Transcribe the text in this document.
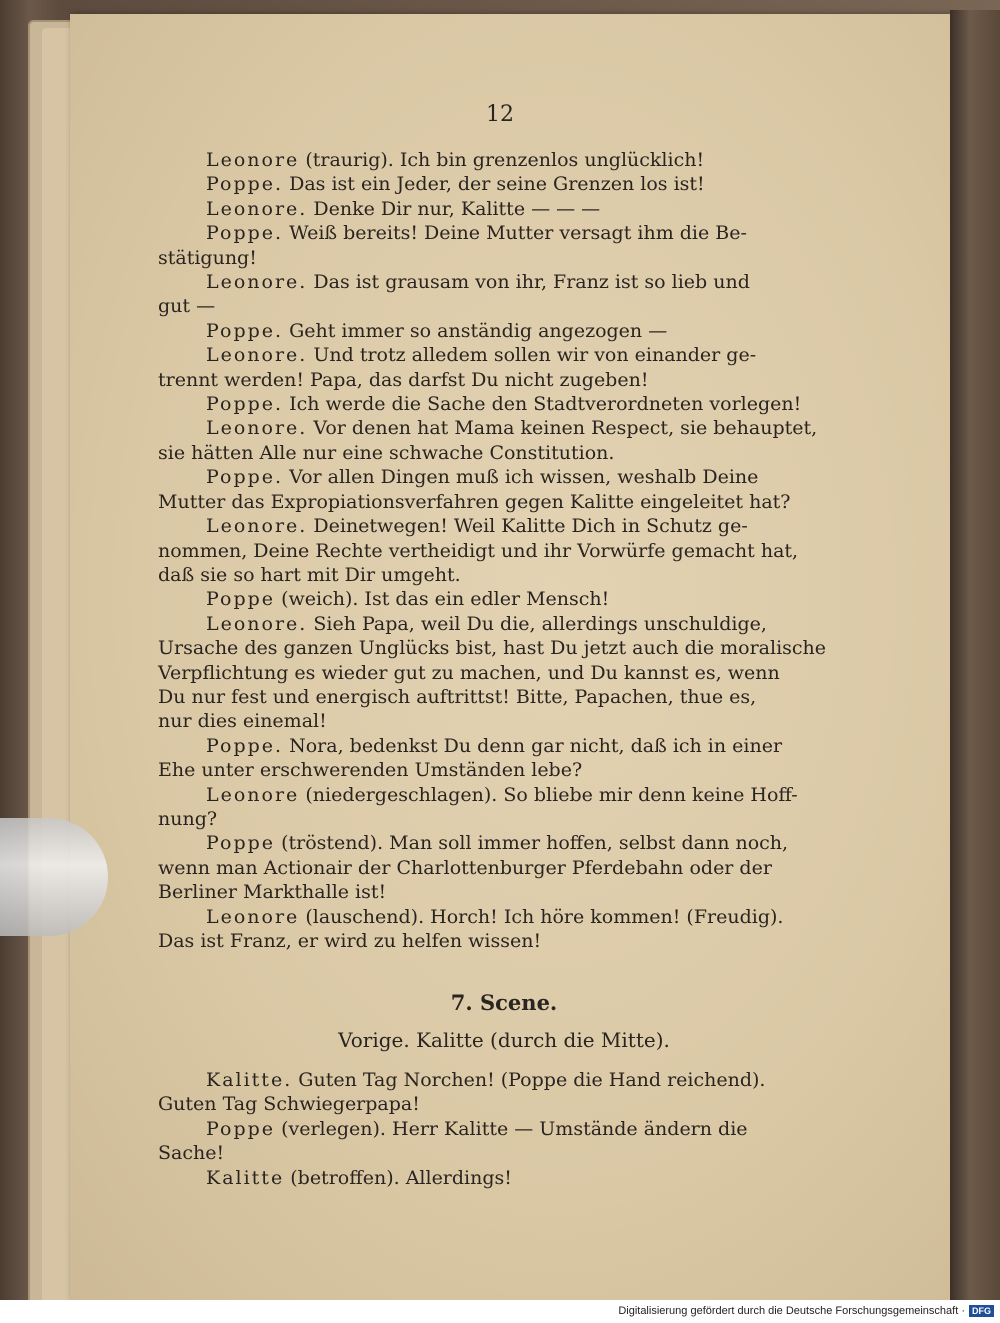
12
Leonore (traurig). Ich bin grenzenlos unglücklich!
Poppe. Das ist ein Jeder, der seine Grenzen los ist!
Leonore. Denke Dir nur, Kalitte — — —
Poppe. Weiß bereits! Deine Mutter versagt ihm die Be-
stätigung!
Leonore. Das ist grausam von ihr, Franz ist so lieb und
gut —
Poppe. Geht immer so anständig angezogen —
Leonore. Und trotz alledem sollen wir von einander ge-
trennt werden! Papa, das darfst Du nicht zugeben!
Poppe. Ich werde die Sache den Stadtverordneten vorlegen!
Leonore. Vor denen hat Mama keinen Respect, sie behauptet,
sie hätten Alle nur eine schwache Constitution.
Poppe. Vor allen Dingen muß ich wissen, weshalb Deine
Mutter das Expropiationsverfahren gegen Kalitte eingeleitet hat?
Leonore. Deinetwegen! Weil Kalitte Dich in Schutz ge-
nommen, Deine Rechte vertheidigt und ihr Vorwürfe gemacht hat,
daß sie so hart mit Dir umgeht.
Poppe (weich). Ist das ein edler Mensch!
Leonore. Sieh Papa, weil Du die, allerdings unschuldige,
Ursache des ganzen Unglücks bist, hast Du jetzt auch die moralische
Verpflichtung es wieder gut zu machen, und Du kannst es, wenn
Du nur fest und energisch auftrittst! Bitte, Papachen, thue es,
nur dies einemal!
Poppe. Nora, bedenkst Du denn gar nicht, daß ich in einer
Ehe unter erschwerenden Umständen lebe?
Leonore (niedergeschlagen). So bliebe mir denn keine Hoff-
nung?
Poppe (tröstend). Man soll immer hoffen, selbst dann noch,
wenn man Actionair der Charlottenburger Pferdebahn oder der
Berliner Markthalle ist!
Leonore (lauschend). Horch! Ich höre kommen! (Freudig).
Das ist Franz, er wird zu helfen wissen!
7. Scene.
Vorige. Kalitte (durch die Mitte).
Kalitte. Guten Tag Norchen! (Poppe die Hand reichend).
Guten Tag Schwiegerpapa!
Poppe (verlegen). Herr Kalitte — Umstände ändern die
Sache!
Kalitte (betroffen). Allerdings!
Digitalisierung gefördert durch die Deutsche Forschungsgemeinschaft · DFG
